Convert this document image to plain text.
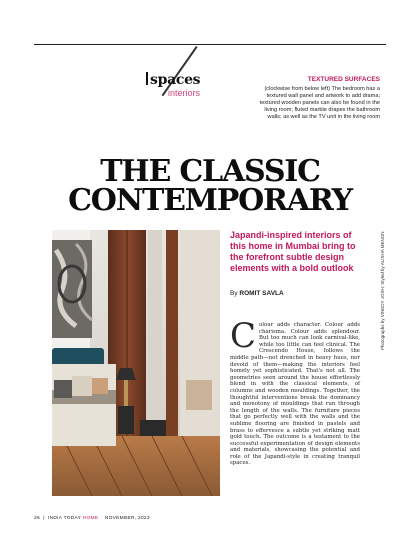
spaces
interiors
TEXTURED SURFACES
(clockwise from below left) The bedroom has a textured wall panel and artwork to add drama; textured wooden panels can also be found in the living room; fluted marble drapes the bathroom walls; as well as the TV unit in the living room
THE CLASSIC
CONTEMPORARY
Japandi-inspired interiors of this home in Mumbai bring to the forefront subtle design elements with a bold outlook
By ROMIT SAVLA
Colour adds character. Colour adds charisma. Colour adds splendour. But too much can look carnival-like, while too little can feel clinical. The Crescendo House, follows the middle path—not drenched in heavy hues, nor devoid of them—making the interiors feel homely yet sophisticated. That's not all. The geometries seen around the house effortlessly blend in with the classical elements, of columns and wooden mouldings. Together, the thoughtful interventions break the dominancy and monotony of mouldings that run through the length of the walls. The furniture pieces that go perfectly well with the walls and the sublime flooring are finished in pastels and brass to effervesce a subtle yet striking matt gold touch. The outcome is a testament to the successful experimentation of design elements and materials, showcasing the potential and role of the Japandi-style in creating tranquil spaces.
Photographs by VINEDY JOSH; Styled by ALISHA MENON
26  |  INDIA TODAY HOME NOVEMBER, 2023
